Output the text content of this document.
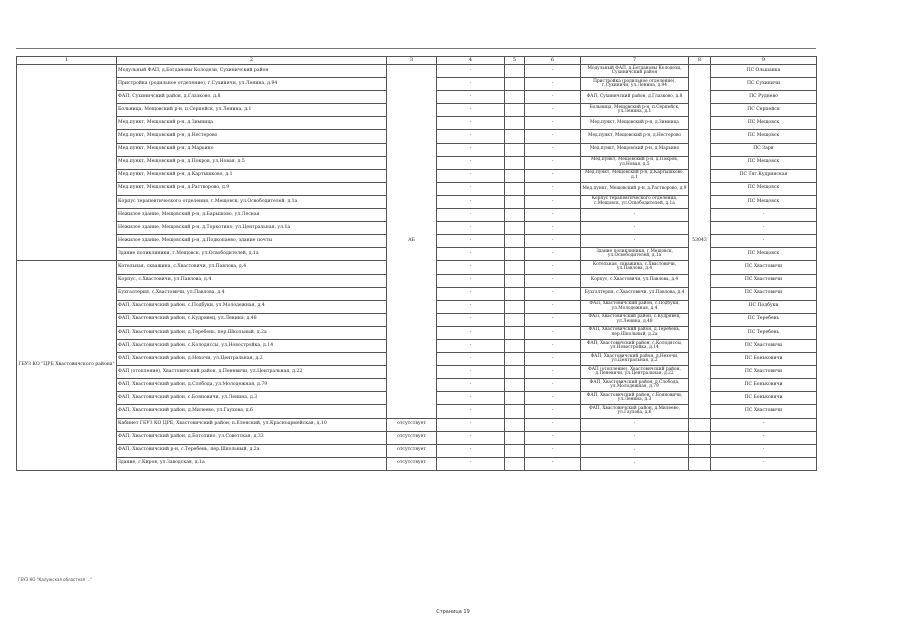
1	2	3	4	5	6	7	8	9
	Модульный ФАП, д.Богдановы Колодези, Сухиничский район	АБ	-		-	Модульный ФАП, д.Богдановы Колодези, Сухиничский район	53043	ПС Ольшанка
	Пристройка (родильное отделение), г.Сухиничи, ул.Ленина, д.94		-		-	Пристройка (родильное отделение), г.Сухиничи, ул.Ленина, д.94		ПС Сухиничи
	ФАП, Сухиничский район, д.Глазково, д.8		-		-	ФАП, Сухиничский район, д.Глазково, д.8		ПС Руднево
	Больница, Мещовский р-н, п.Серпейск, ул.Ленина, д.1		-		-	Больница, Мещовский р-н, п.Серпейск, ул.Ленина, д.1		ПС Серпейск
	Мед.пункт, Мещовский р-н, д.Зимница		-		-	Мед.пункт, Мещовский р-н, д.Зимница		ПС Мещовск
	Мед.пункт, Мещовский р-н, д.Нестерово		-		-	Мед.пункт, Мещовский р-н, д.Нестерово		ПС Мещовск
	Мед.пункт, Мещовский р-н, д.Марьино		-		-	Мед.пункт, Мещовский р-н, д.Марьино		ПС Заря
	Мед.пункт, Мещовский р-н, д.Покров, ул.Новая, д.5		-		-	Мед.пункт, Мещовский р-н, д.Покров, ул.Новая, д.5		ПС Мещовск
	Мед.пункт, Мещовский р-н, д.Картышково, д.1		-		-	Мед.пункт, Мещовский р-н, д.Картышково, д.1		ПС Тяг.Кудринская
	Мед.пункт, Мещовский р-н, д.Растворово, д.9		-		-	Мед.пункт, Мещовский р-н, д.Растворово, д.9		ПС Мещовск
	Корпус терапевтического отделения, г.Мещовск, ул.Освободителей, д.1а		-		-	Корпус терапевтического отделения, г.Мещовск, ул.Освободителей, д.1а		ПС Мещовск
	Нежилое здание, Мещовский р-н, д.Барышово, ул.Лесная		-		-	-		-
	Нежилое здание, Мещовский р-н, д.Торкотино, ул.Центральная, ул.1а		-		-	-		-
	Нежилое здание, Мещовский р-н, д.Подкопаево, здание почты		-		-	-		-
	Здание поликлиники, г.Мещовск, ул.Освободителей, д.1а		-		-	Здание поликлиники, г.Мещовск, ул.Освободителей, д.1а		ПС Мещовск
ГБУЗ КО "ЦРБ Хвастовичского района"	Котельная, скважина, с.Хвастовичи, ул.Павлова, д.4		-		-	Котельная, скважина, с.Хвастовичи, ул.Павлова, д.4		ПС Хвастовичи
	Корпус, с.Хвастовичи, ул.Павлова, д.4		-		-	Корпус, с.Хвастовичи, ул.Павлова, д.4		ПС Хвастовичи
	Бухгалтерия, с.Хвастовичи, ул.Павлова, д.4		-		-	Бухгалтерия, с.Хвастовичи, ул.Павлова, д.4		ПС Хвастовичи
	ФАП, Хвастовичский район, с.Подбуки, ул.Молодежная, д.4		-		-	ФАП, Хвастовичский район, с.Подбуки, ул.Молодежная, д.4		ПС Подбуки
	ФАП, Хвастовичский район, с.Кудрявец, ул.Ленина, д.48		-		-	ФАП, Хвастовичский район, с.Кудрявец, ул.Ленина, д.48		ПС Теребень
	ФАП, Хвастовичский район, д.Теребень, пер.Школьный, д.2а		-		-	ФАП, Хвастовичский район, д.Теребень, пер.Школьный, д.2а		ПС Теребень
	ФАП, Хвастовичский район, с.Колодяссы, ул.Новостройка, д.14		-		-	ФАП, Хвастовичский район, с.Колодяссы, ул.Новостройка, д.14		ПС Хвастовичи
	ФАП, Хвастовичский район, д.Нехочи, ул.Центральная, д.2		-		-	ФАП, Хвастовичский район, д.Нехочи, ул.Центральная, д.2		ПС Боньковичи
	ФАП (отопление), Хвастовичский район, д.Пеневичи, ул.Центральная, д.22		-		-	ФАП (отопление), Хвастовичский район, д.Пеневичи, ул.Центральная, д.22		ПС Хвастовичи
	ФАП, Хвастовичский район, д.Слобода, ул.Молодежная, д.79		-		-	ФАП, Хвастовичский район, д.Слобода, ул.Молодежная, д.79		ПС Боньковичи
	ФАП, Хвастовичский район, с.Бояновичи, ул.Ленина, д.3		-		-	ФАП, Хвастовичский район, с.Бояновичи, ул.Ленина, д.3		ПС Боньковичи
	ФАП, Хвастовичский район, д.Милеево, ул.Гаухова, д.6		-		-	ФАП, Хвастовичский район, д.Милеево, ул.Гаухова, д.6		ПС Хвастовичи
	Кабинет ГБУЗ КО ЦРБ, Хвастовичский район, п.Еленский, ул.Красноармейская, д.10	отсутствует	-		-	-		-
	ФАП, Хвастовичский район, д.Ботолино, ул.Советская, д.33	отсутствует	-		-	-		-
	ФАП, Хвастовичский р-н, с.Теребень, пер.Школьный, д.2а	отсутствует	-		-	-		-
	Здание, г.Киров, ул.Заводская, д.1а	отсутствует	-		-	-		-
ГБУЗ КО "Калужская областная ..."
Страница 19
